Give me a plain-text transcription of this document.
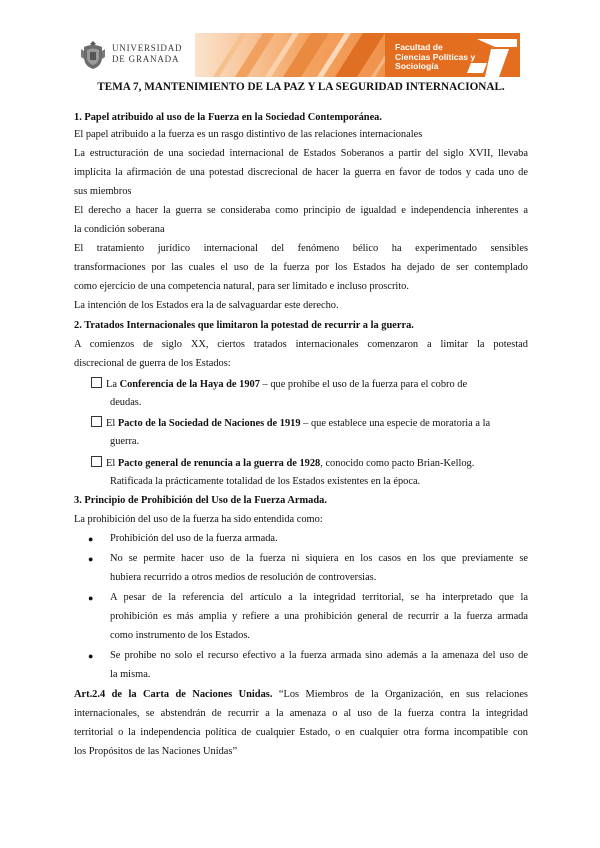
UNIVERSIDAD
DE GRANADA
Facultad de
Ciencias Políticas y Sociología
TEMA 7, MANTENIMIENTO DE LA PAZ Y LA SEGURIDAD INTERNACIONAL.
1. Papel atribuido al uso de la Fuerza en la Sociedad Contemporánea.
El papel atribuido a la fuerza es un rasgo distintivo de las relaciones internacionales
La estructuración de una sociedad internacional de Estados Soberanos a partir del siglo XVII, llevaba
implícita la afirmación de una potestad discrecional de hacer la guerra en favor de todos y cada uno de
sus miembros
El derecho a hacer la guerra se consideraba como principio de igualdad e independencia inherentes a
la condición soberana
El tratamiento jurídico internacional del fenómeno bélico ha experimentado sensibles
transformaciones por las cuales el uso de la fuerza por los Estados ha dejado de ser contemplado
como ejercicio de una competencia natural, para ser limitado e incluso proscrito.
La intención de los Estados era la de salvaguardar este derecho.
2. Tratados Internacionales que limitaron la potestad de recurrir a la guerra.
A comienzos de siglo XX, ciertos tratados internacionales comenzaron a limitar la potestad
discrecional de guerra de los Estados:
La Conferencia de la Haya de 1907 – que prohíbe el uso de la fuerza para el cobro de
deudas.
El Pacto de la Sociedad de Naciones de 1919 – que establece una especie de moratoria a la
guerra.
El Pacto general de renuncia a la guerra de 1928, conocido como pacto Brian-Kellog.
Ratificada la prácticamente totalidad de los Estados existentes en la época.
3. Principio de Prohibición del Uso de la Fuerza Armada.
La prohibición del uso de la fuerza ha sido entendida como:
● Prohibición del uso de la fuerza armada.
● No se permite hacer uso de la fuerza ni siquiera en los casos en los que previamente se
hubiera recurrido a otros medios de resolución de controversias.
● A pesar de la referencia del artículo a la integridad territorial, se ha interpretado que la
prohibición es más amplia y refiere a una prohibición general de recurrir a la fuerza armada
como instrumento de los Estados.
● Se prohíbe no solo el recurso efectivo a la fuerza armada sino además a la amenaza del uso de
la misma.
Art.2.4 de la Carta de Naciones Unidas. “Los Miembros de la Organización, en sus relaciones
internacionales, se abstendrán de recurrir a la amenaza o al uso de la fuerza contra la integridad
territorial o la independencia política de cualquier Estado, o en cualquier otra forma incompatible con
los Propósitos de las Naciones Unidas”
